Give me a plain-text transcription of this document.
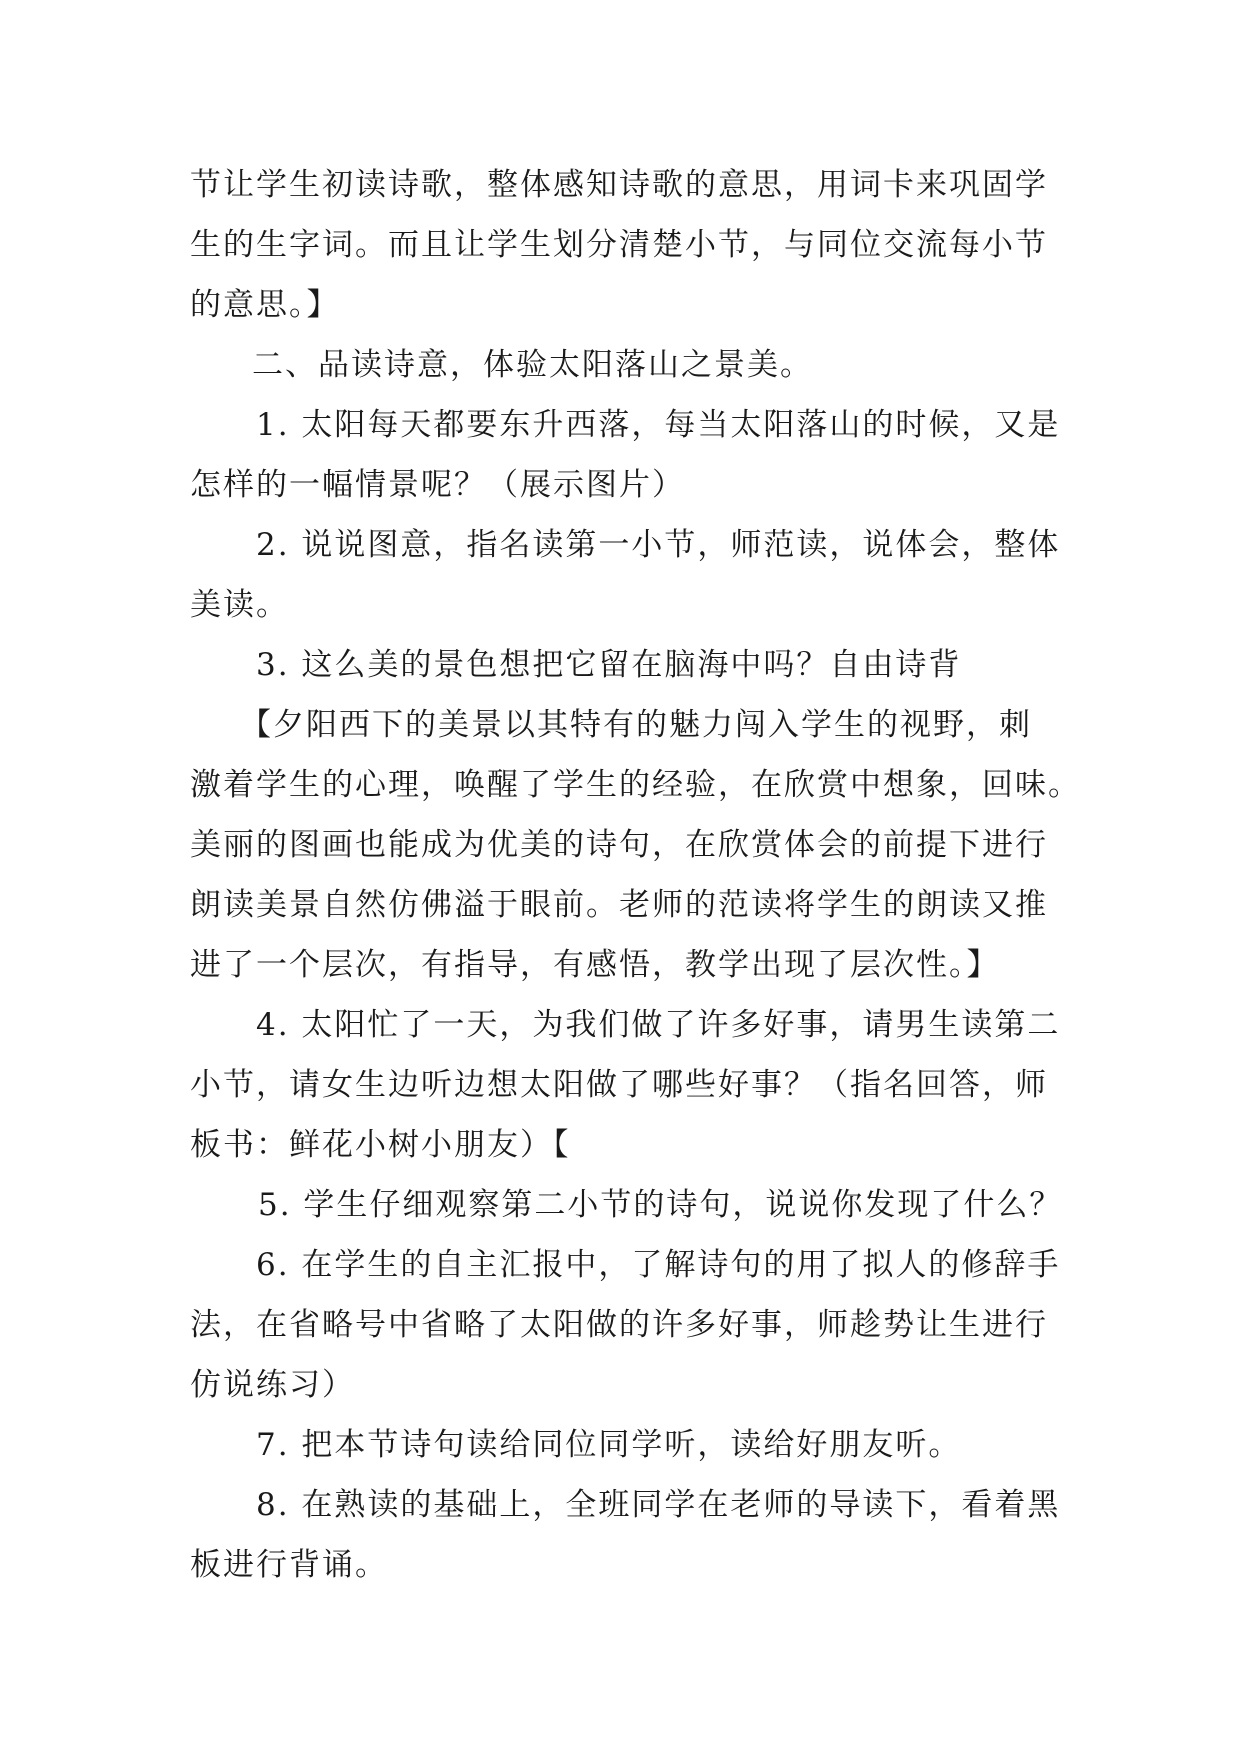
节让学生初读诗歌，整体感知诗歌的意思，用词卡来巩固学
生的生字词。而且让学生划分清楚小节，与同位交流每小节
的意思。】
二、品读诗意，体验太阳落山之景美。
1. 太阳每天都要东升西落，每当太阳落山的时候，又是
怎样的一幅情景呢？（展示图片）
2. 说说图意，指名读第一小节，师范读，说体会，整体
美读。
3. 这么美的景色想把它留在脑海中吗？自由诗背
【夕阳西下的美景以其特有的魅力闯入学生的视野，刺
激着学生的心理，唤醒了学生的经验，在欣赏中想象，回味。
美丽的图画也能成为优美的诗句，在欣赏体会的前提下进行
朗读美景自然仿佛溢于眼前。老师的范读将学生的朗读又推
进了一个层次，有指导，有感悟，教学出现了层次性。】
4. 太阳忙了一天，为我们做了许多好事，请男生读第二
小节，请女生边听边想太阳做了哪些好事？（指名回答，师
板书：鲜花小树小朋友）【
5. 学生仔细观察第二小节的诗句，说说你发现了什么？
6. 在学生的自主汇报中，了解诗句的用了拟人的修辞手
法，在省略号中省略了太阳做的许多好事，师趁势让生进行
仿说练习）
7. 把本节诗句读给同位同学听，读给好朋友听。
8. 在熟读的基础上，全班同学在老师的导读下，看着黑
板进行背诵。
